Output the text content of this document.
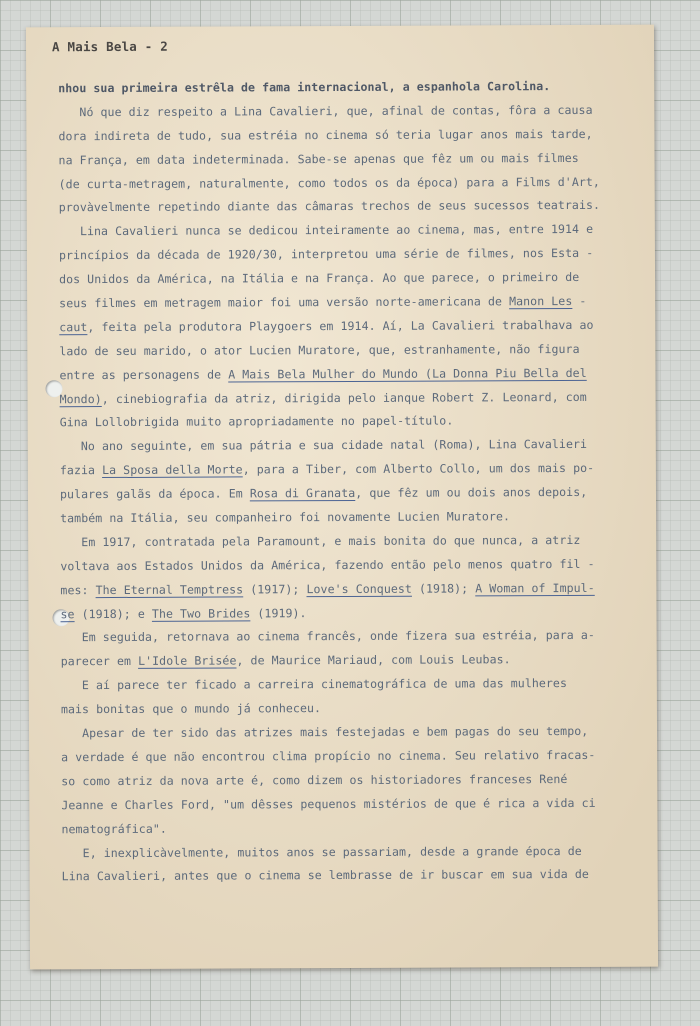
A Mais Bela - 2
nhou sua primeira estrêla de fama internacional, a espanhola Carolina.
Nó que diz respeito a Lina Cavalieri, que, afinal de contas, fôra a causa
dora indireta de tudo, sua estréia no cinema só teria lugar anos mais tarde,
na França, em data indeterminada. Sabe-se apenas que fêz um ou mais filmes
(de curta-metragem, naturalmente, como todos os da época) para a Films d'Art,
provàvelmente repetindo diante das câmaras trechos de seus sucessos teatrais.
Lina Cavalieri nunca se dedicou inteiramente ao cinema, mas, entre 1914 e
princípios da década de 1920/30, interpretou uma série de filmes, nos Esta -
dos Unidos da América, na Itália e na França. Ao que parece, o primeiro de
seus filmes em metragem maior foi uma versão norte-americana de Manon Les -
caut, feita pela produtora Playgoers em 1914. Aí, La Cavalieri trabalhava ao
lado de seu marido, o ator Lucien Muratore, que, estranhamente, não figura
entre as personagens de A Mais Bela Mulher do Mundo (La Donna Piu Bella del
Mondo), cinebiografia da atriz, dirigida pelo ianque Robert Z. Leonard, com
Gina Lollobrigida muito apropriadamente no papel-título.
No ano seguinte, em sua pátria e sua cidade natal (Roma), Lina Cavalieri
fazia La Sposa della Morte, para a Tiber, com Alberto Collo, um dos mais po-
pulares galãs da época. Em Rosa di Granata, que fêz um ou dois anos depois,
também na Itália, seu companheiro foi novamente Lucien Muratore.
Em 1917, contratada pela Paramount, e mais bonita do que nunca, a atriz
voltava aos Estados Unidos da América, fazendo então pelo menos quatro fil -
mes: The Eternal Temptress (1917); Love's Conquest (1918); A Woman of Impul-
se (1918); e The Two Brides (1919).
Em seguida, retornava ao cinema francês, onde fizera sua estréia, para a-
parecer em L'Idole Brisée, de Maurice Mariaud, com Louis Leubas.
E aí parece ter ficado a carreira cinematográfica de uma das mulheres
mais bonitas que o mundo já conheceu.
Apesar de ter sido das atrizes mais festejadas e bem pagas do seu tempo,
a verdade é que não encontrou clima propício no cinema. Seu relativo fracas-
so como atriz da nova arte é, como dizem os historiadores franceses René
Jeanne e Charles Ford, "um dêsses pequenos mistérios de que é rica a vida ci
nematográfica".
E, inexplicàvelmente, muitos anos se passariam, desde a grande época de
Lina Cavalieri, antes que o cinema se lembrasse de ir buscar em sua vida de
